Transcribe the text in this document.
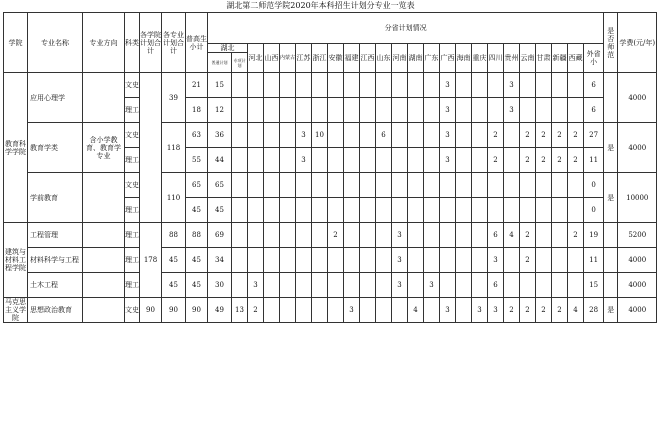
湖北第二师范学院2020年本科招生计划分专业一览表
学院	专业名称	专业方向	科类	各学院计划合计	各专业计划合计	普高生小计	分省计划情况																								是否师范	学费(元/年)
							湖北		河北	山西	内蒙古	江苏	浙江	安徽	福建	江西	山东	河南	湖南	广东	广西	海南	重庆	四川	贵州	云南	甘肃	新疆	西藏	外省小		
							普通计划	专项计划																								
教育科学学院	应用心理学		文史		39	21	15														3				3					6		4000
			理工			18	12														3				3					6		
	教育学类	含小学教育、教育学专业	文史		118	63	36					3	10				6				3			2		2	2	2	2	27	是	4000
			理工			55	44					3									3			2		2	2	2	2	11		
	学前教育		文史		110	65	65																							0	是	10000
			理工			45	45																							0		
建筑与材料工程学院	工程管理		理工	178	88	88	69							2				3						6	4	2			2	19		5200
	材料科学与工程		理工		45	45	34											3						3		2				11		4000
	土木工程		理工		45	45	30		3									3		3				6						15		4000
马克思主义学院	思想政治教育		文史	90	90	90	49	13	2						3				4		3		3	3	2	2	2	2	4	28	是	4000
